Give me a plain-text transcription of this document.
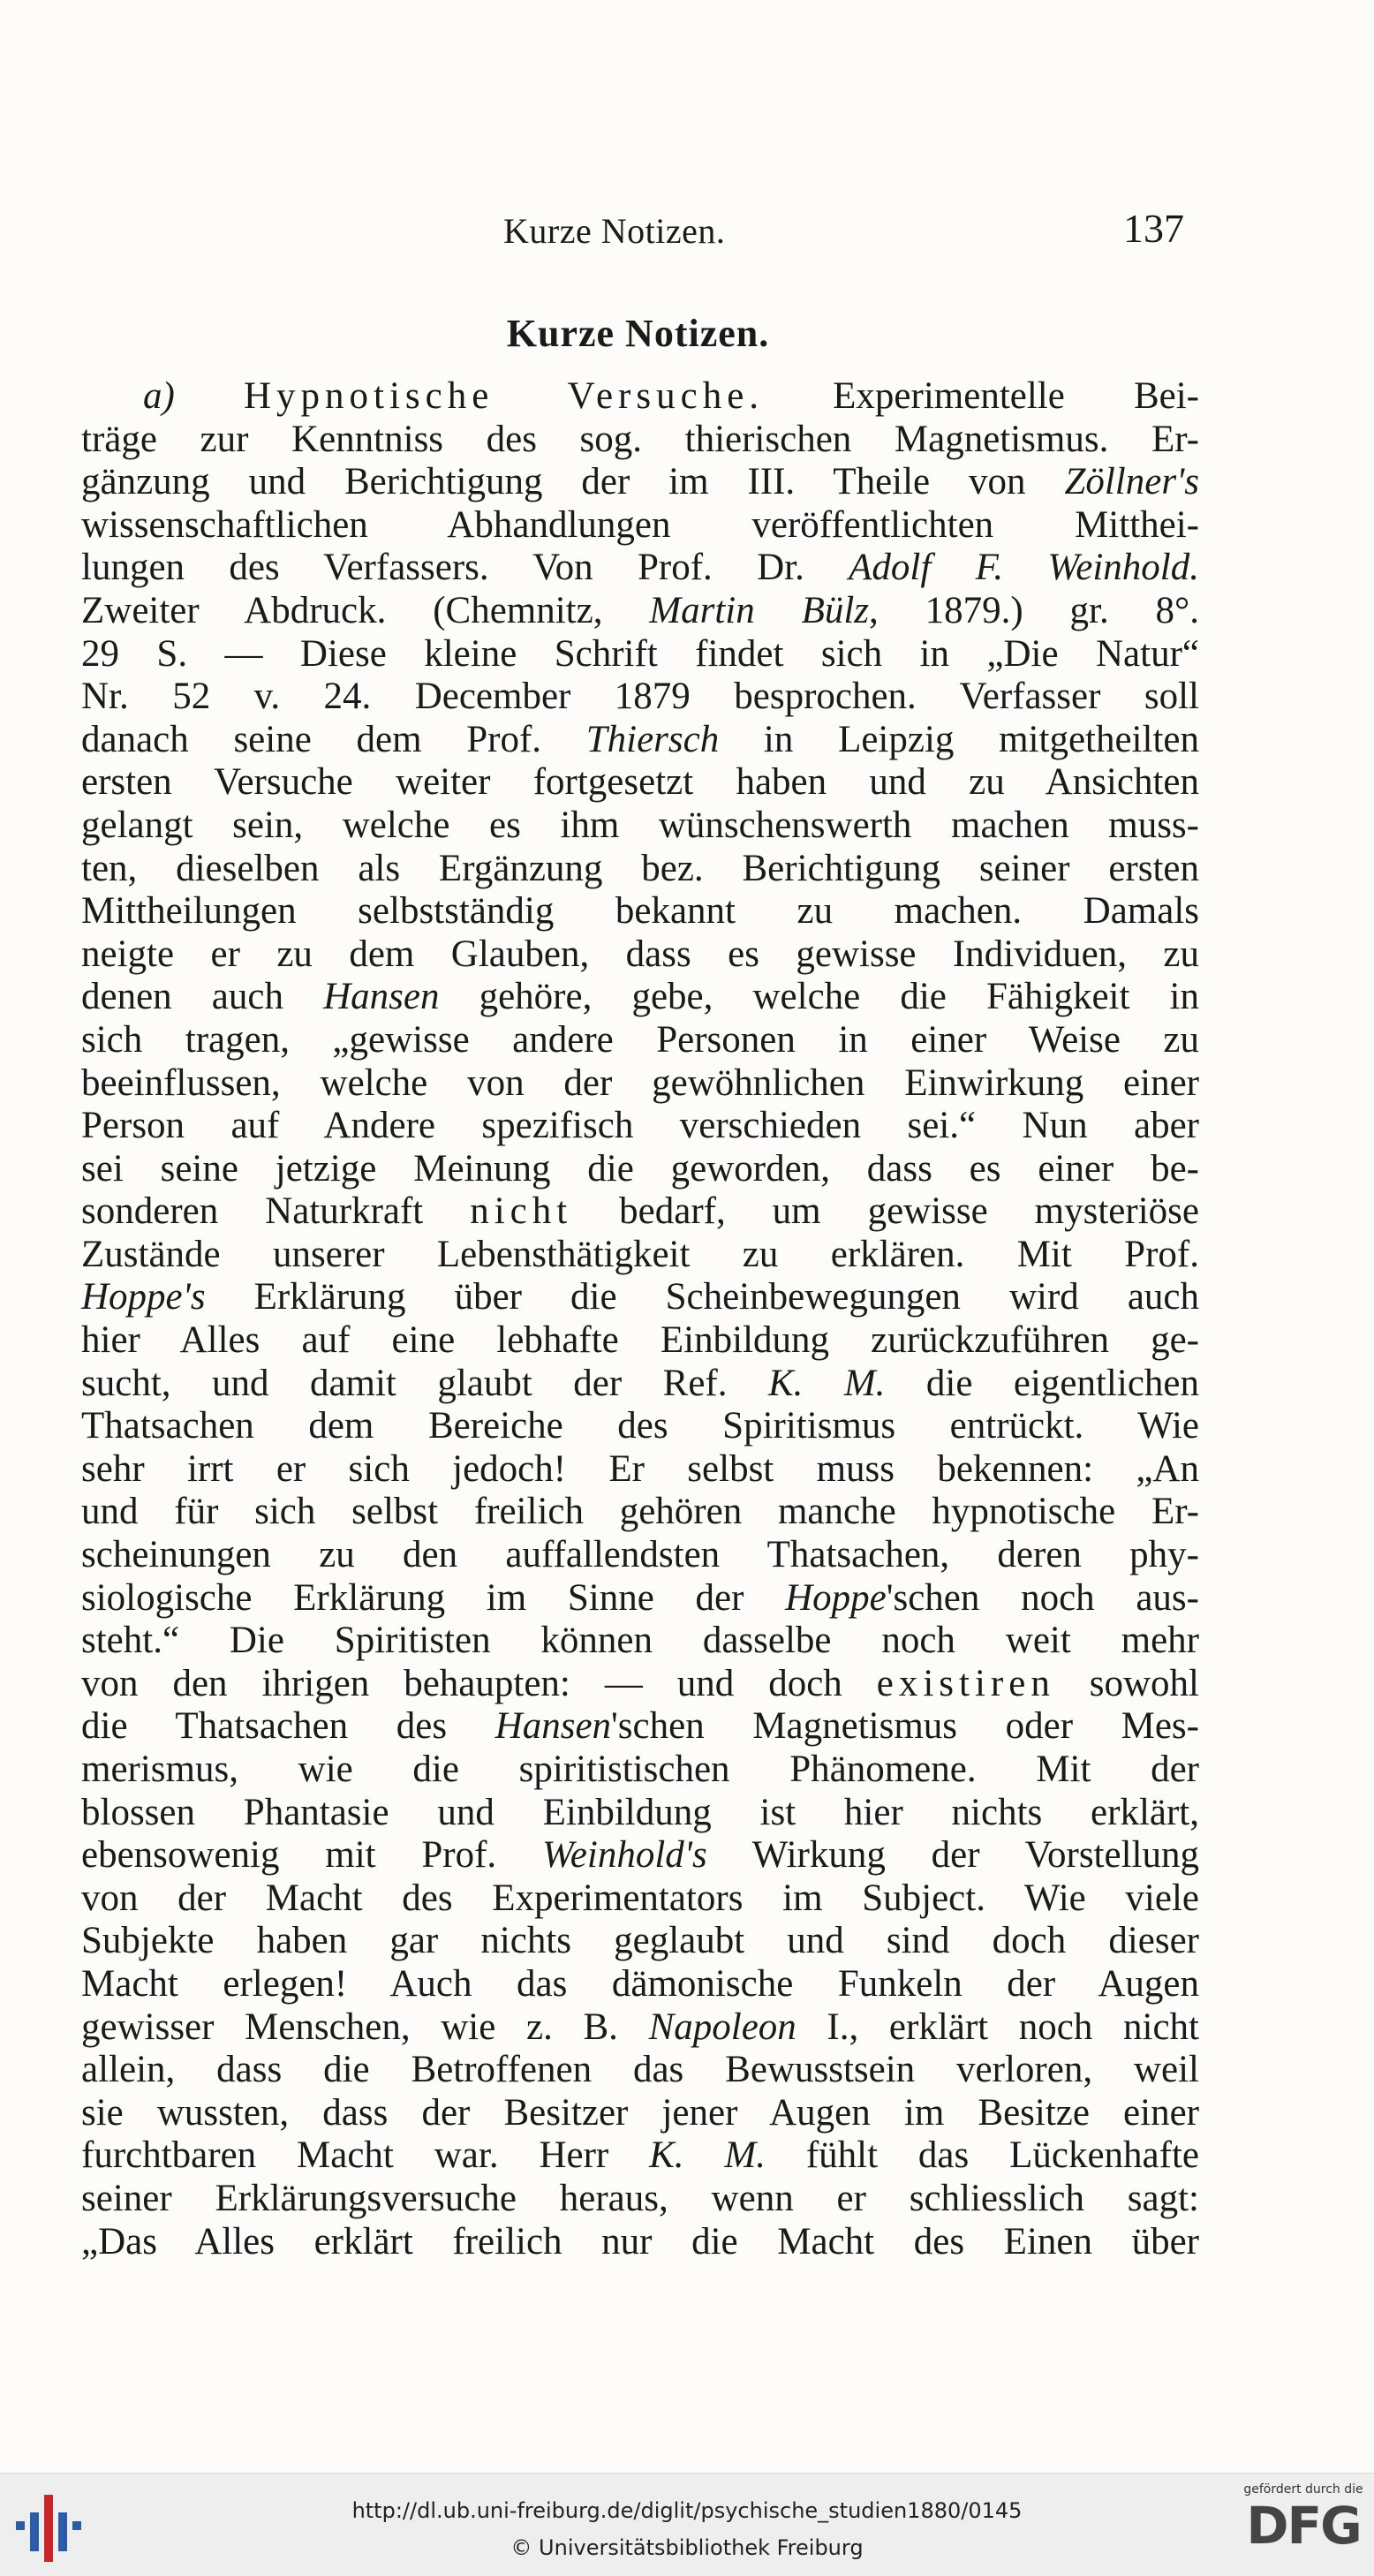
Kurze Notizen.	137
Kurze Notizen.
a) Hypnotische Versuche. Experimentelle Bei-
träge zur Kenntniss des sog. thierischen Magnetismus. Er-
gänzung und Berichtigung der im III. Theile von Zöllner's
wissenschaftlichen Abhandlungen veröffentlichten Mitthei-
lungen des Verfassers. Von Prof. Dr. Adolf F. Weinhold.
Zweiter Abdruck. (Chemnitz, Martin Bülz, 1879.) gr. 8°.
29 S. — Diese kleine Schrift findet sich in „Die Natur“
Nr. 52 v. 24. December 1879 besprochen. Verfasser soll
danach seine dem Prof. Thiersch in Leipzig mitgetheilten
ersten Versuche weiter fortgesetzt haben und zu Ansichten
gelangt sein, welche es ihm wünschenswerth machen muss-
ten, dieselben als Ergänzung bez. Berichtigung seiner ersten
Mittheilungen selbstständig bekannt zu machen. Damals
neigte er zu dem Glauben, dass es gewisse Individuen, zu
denen auch Hansen gehöre, gebe, welche die Fähigkeit in
sich tragen, „gewisse andere Personen in einer Weise zu
beeinflussen, welche von der gewöhnlichen Einwirkung einer
Person auf Andere spezifisch verschieden sei.“ Nun aber
sei seine jetzige Meinung die geworden, dass es einer be-
sonderen Naturkraft nicht bedarf, um gewisse mysteriöse
Zustände unserer Lebensthätigkeit zu erklären. Mit Prof.
Hoppe's Erklärung über die Scheinbewegungen wird auch
hier Alles auf eine lebhafte Einbildung zurückzuführen ge-
sucht, und damit glaubt der Ref. K. M. die eigentlichen
Thatsachen dem Bereiche des Spiritismus entrückt. Wie
sehr irrt er sich jedoch! Er selbst muss bekennen: „An
und für sich selbst freilich gehören manche hypnotische Er-
scheinungen zu den auffallendsten Thatsachen, deren phy-
siologische Erklärung im Sinne der Hoppe'schen noch aus-
steht.“ Die Spiritisten können dasselbe noch weit mehr
von den ihrigen behaupten: — und doch existiren sowohl
die Thatsachen des Hansen'schen Magnetismus oder Mes-
merismus, wie die spiritistischen Phänomene. Mit der
blossen Phantasie und Einbildung ist hier nichts erklärt,
ebensowenig mit Prof. Weinhold's Wirkung der Vorstellung
von der Macht des Experimentators im Subject. Wie viele
Subjekte haben gar nichts geglaubt und sind doch dieser
Macht erlegen! Auch das dämonische Funkeln der Augen
gewisser Menschen, wie z. B. Napoleon I., erklärt noch nicht
allein, dass die Betroffenen das Bewusstsein verloren, weil
sie wussten, dass der Besitzer jener Augen im Besitze einer
furchtbaren Macht war. Herr K. M. fühlt das Lückenhafte
seiner Erklärungsversuche heraus, wenn er schliesslich sagt:
„Das Alles erklärt freilich nur die Macht des Einen über
http://dl.ub.uni-freiburg.de/diglit/psychische_studien1880/0145
© Universitätsbibliothek Freiburg
gefördert durch die
DFG
